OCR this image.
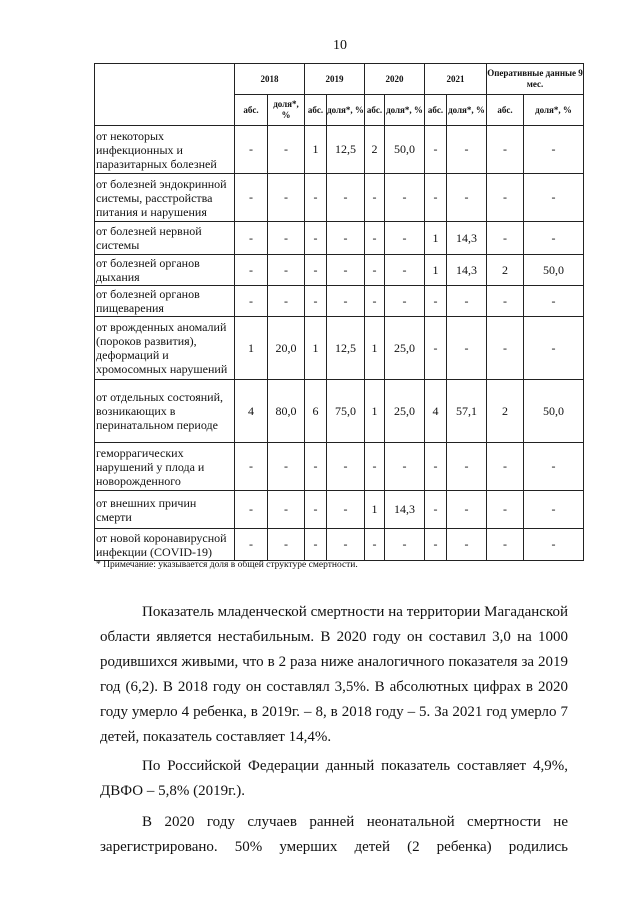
10
	2018		2019		2020		2021		Оперативные данные 9 мес.	
	абс.	доля*, %	абс.	доля*, %	абс.	доля*, %	абс.	доля*, %	абс.	доля*, %
от некоторых инфекционных и паразитарных болезней	-	-	1	12,5	2	50,0	-	-	-	-
от болезней эндокринной системы, расстройства питания и нарушения	-	-	-	-	-	-	-	-	-	-
от болезней нервной системы	-	-	-	-	-	-	1	14,3	-	-
от болезней органов дыхания	-	-	-	-	-	-	1	14,3	2	50,0
от болезней органов пищеварения	-	-	-	-	-	-	-	-	-	-
от врожденных аномалий (пороков развития), деформаций и хромосомных нарушений	1	20,0	1	12,5	1	25,0	-	-	-	-
от отдельных состояний, возникающих в перинатальном периоде	4	80,0	6	75,0	1	25,0	4	57,1	2	50,0
геморрагических нарушений у плода и новорожденного	-	-	-	-	-	-	-	-	-	-
от внешних причин смерти	-	-	-	-	1	14,3	-	-	-	-
от новой коронавирусной инфекции (COVID-19)	-	-	-	-	-	-	-	-	-	-
* Примечание: указывается доля в общей структуре смертности.

Показатель младенческой смертности на территории Магаданской области является нестабильным. В 2020 году он составил 3,0 на 1000 родившихся живыми, что в 2 раза ниже аналогичного показателя за 2019 год (6,2). В 2018 году он составлял 3,5%. В абсолютных цифрах в 2020 году умерло 4 ребенка, в 2019г. – 8, в 2018 году – 5. За 2021 год умерло 7 детей, показатель составляет 14,4%.

По Российской Федерации данный показатель составляет 4,9%, ДВФО – 5,8% (2019г.).

В 2020 году случаев ранней неонатальной смертности не зарегистрировано. 50% умерших детей (2 ребенка) родились
